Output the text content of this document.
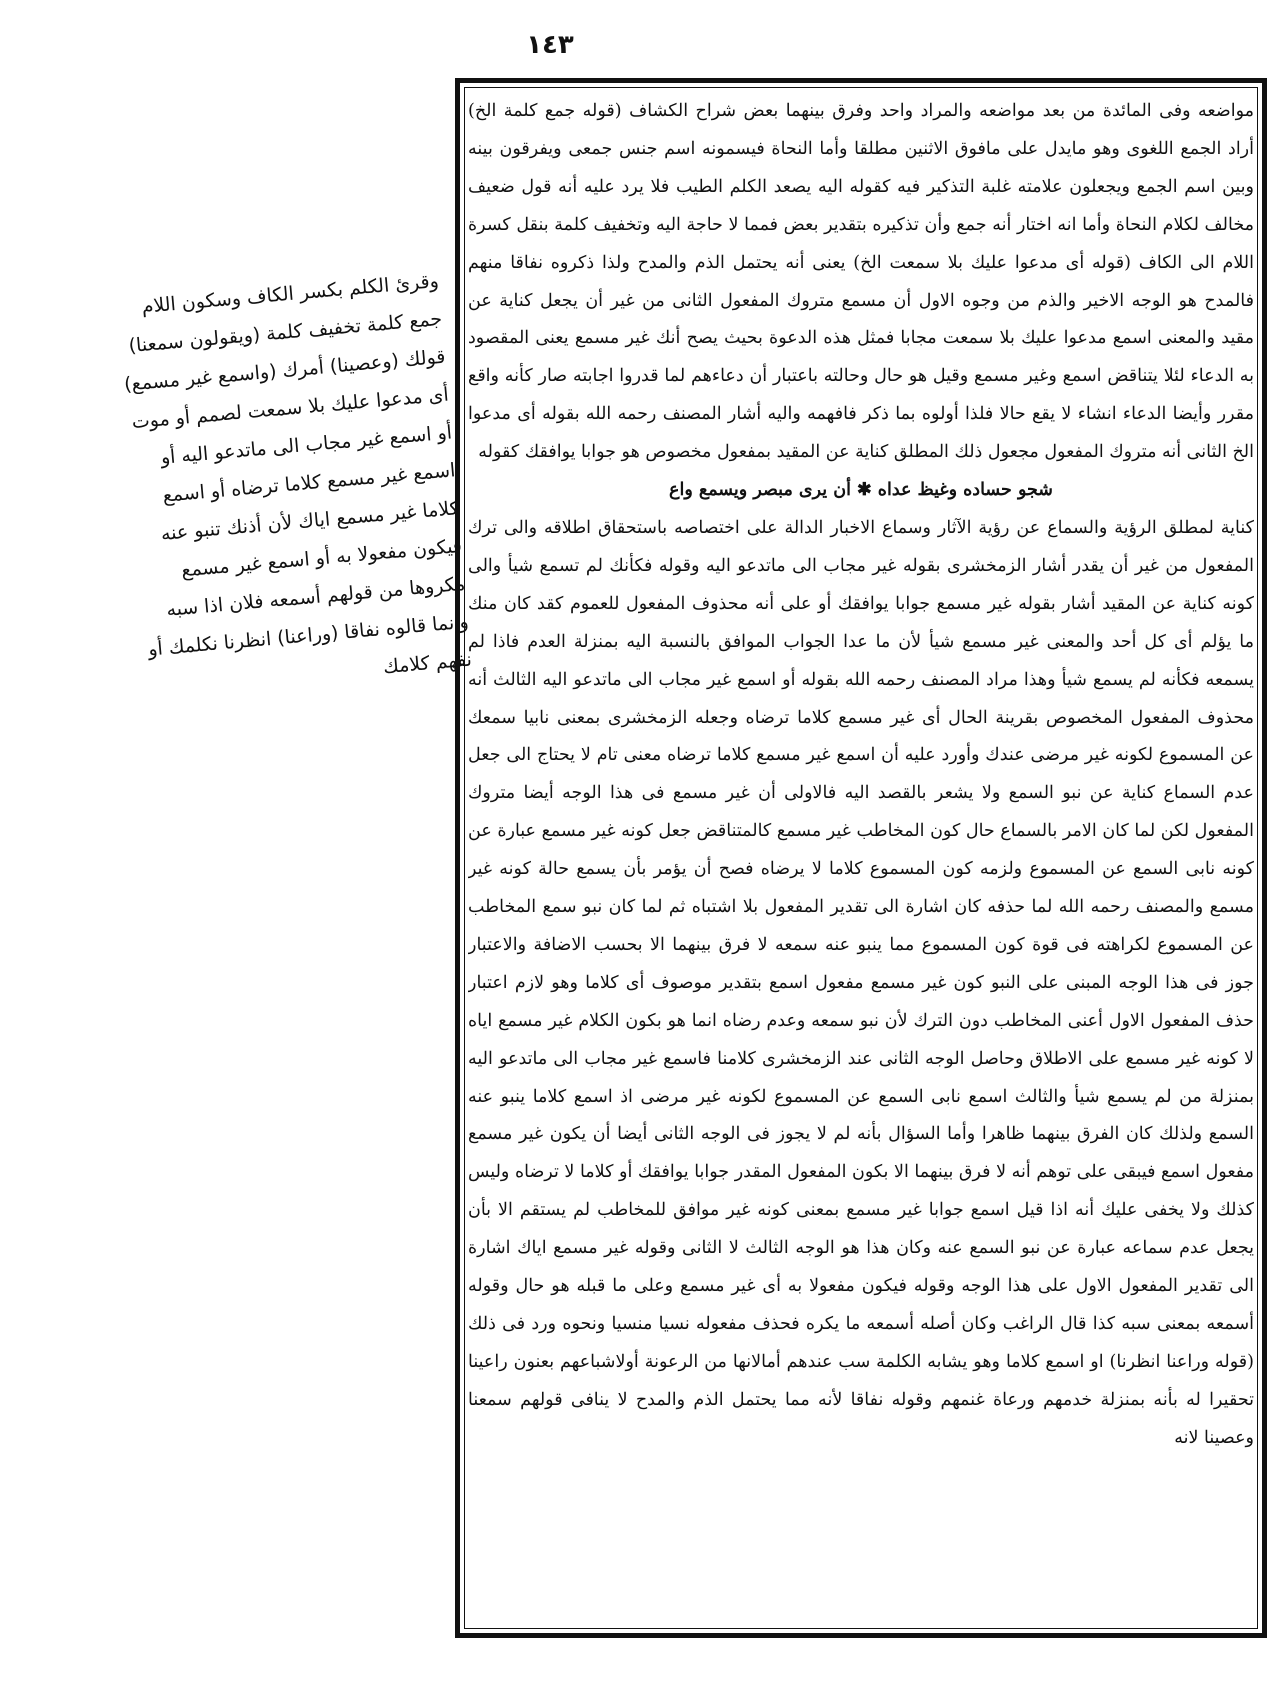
١٤٣
وقرئ الكلم بكسر الكاف وسكون اللام جمع كلمة تخفيف كلمة (ويقولون سمعنا) قولك (وعصينا) أمرك (واسمع غير مسمع) أى مدعوا عليك بلا سمعت لصمم أو موت أو اسمع غير مجاب الى ماتدعو اليه أو اسمع غير مسمع كلاما ترضاه أو اسمع كلاما غير مسمع اياك لأن أذنك تنبو عنه فيكون مفعولا به أو اسمع غير مسمع مكروها من قولهم أسمعه فلان اذا سبه وانما قالوه نفاقا (وراعنا) انظرنا نكلمك أو نفهم كلامك

مواضعه وفى المائدة من بعد مواضعه والمراد واحد وفرق بينهما بعض شراح الكشاف (قوله جمع كلمة الخ) أراد الجمع اللغوى وهو مايدل على مافوق الاثنين مطلقا وأما النحاة فيسمونه اسم جنس جمعى ويفرقون بينه وبين اسم الجمع ويجعلون علامته غلبة التذكير فيه كقوله اليه يصعد الكلم الطيب فلا يرد عليه أنه قول ضعيف مخالف لكلام النحاة وأما انه اختار أنه جمع وأن تذكيره بتقدير بعض فمما لا حاجة اليه وتخفيف كلمة بنقل كسرة اللام الى الكاف (قوله أى مدعوا عليك بلا سمعت الخ) يعنى أنه يحتمل الذم والمدح ولذا ذكروه نفاقا منهم فالمدح هو الوجه الاخير والذم من وجوه الاول أن مسمع متروك المفعول الثانى من غير أن يجعل كناية عن مقيد والمعنى اسمع مدعوا عليك بلا سمعت مجابا فمثل هذه الدعوة بحيث يصح أنك غير مسمع يعنى المقصود به الدعاء لئلا يتناقض اسمع وغير مسمع وقيل هو حال وحالته باعتبار أن دعاءهم لما قدروا اجابته صار كأنه واقع مقرر وأيضا الدعاء انشاء لا يقع حالا فلذا أولوه بما ذكر فافهمه واليه أشار المصنف رحمه الله بقوله أى مدعوا الخ الثانى أنه متروك المفعول مجعول ذلك المطلق كناية عن المقيد بمفعول مخصوص هو جوابا يوافقك كقوله

شجو حساده وغيظ عداه ✱ أن يرى مبصر ويسمع واع

كناية لمطلق الرؤية والسماع عن رؤية الآثار وسماع الاخبار الدالة على اختصاصه باستحقاق اطلاقه والى ترك المفعول من غير أن يقدر أشار الزمخشرى بقوله غير مجاب الى ماتدعو اليه وقوله فكأنك لم تسمع شيأ والى كونه كناية عن المقيد أشار بقوله غير مسمع جوابا يوافقك أو على أنه محذوف المفعول للعموم كقد كان منك ما يؤلم أى كل أحد والمعنى غير مسمع شيأ لأن ما عدا الجواب الموافق بالنسبة اليه بمنزلة العدم فاذا لم يسمعه فكأنه لم يسمع شيأ وهذا مراد المصنف رحمه الله بقوله أو اسمع غير مجاب الى ماتدعو اليه الثالث أنه محذوف المفعول المخصوص بقرينة الحال أى غير مسمع كلاما ترضاه وجعله الزمخشرى بمعنى نابيا سمعك عن المسموع لكونه غير مرضى عندك وأورد عليه أن اسمع غير مسمع كلاما ترضاه معنى تام لا يحتاج الى جعل عدم السماع كناية عن نبو السمع ولا يشعر بالقصد اليه فالاولى أن غير مسمع فى هذا الوجه أيضا متروك المفعول لكن لما كان الامر بالسماع حال كون المخاطب غير مسمع كالمتناقض جعل كونه غير مسمع عبارة عن كونه نابى السمع عن المسموع ولزمه كون المسموع كلاما لا يرضاه فصح أن يؤمر بأن يسمع حالة كونه غير مسمع والمصنف رحمه الله لما حذفه كان اشارة الى تقدير المفعول بلا اشتباه ثم لما كان نبو سمع المخاطب عن المسموع لكراهته فى قوة كون المسموع مما ينبو عنه سمعه لا فرق بينهما الا بحسب الاضافة والاعتبار جوز فى هذا الوجه المبنى على النبو كون غير مسمع مفعول اسمع بتقدير موصوف أى كلاما وهو لازم اعتبار حذف المفعول الاول أعنى المخاطب دون الترك لأن نبو سمعه وعدم رضاه انما هو بكون الكلام غير مسمع اياه لا كونه غير مسمع على الاطلاق وحاصل الوجه الثانى عند الزمخشرى كلامنا فاسمع غير مجاب الى ماتدعو اليه بمنزلة من لم يسمع شيأ والثالث اسمع نابى السمع عن المسموع لكونه غير مرضى اذ اسمع كلاما ينبو عنه السمع ولذلك كان الفرق بينهما ظاهرا وأما السؤال بأنه لم لا يجوز فى الوجه الثانى أيضا أن يكون غير مسمع مفعول اسمع فيبقى على توهم أنه لا فرق بينهما الا بكون المفعول المقدر جوابا يوافقك أو كلاما لا ترضاه وليس كذلك ولا يخفى عليك أنه اذا قيل اسمع جوابا غير مسمع بمعنى كونه غير موافق للمخاطب لم يستقم الا بأن يجعل عدم سماعه عبارة عن نبو السمع عنه وكان هذا هو الوجه الثالث لا الثانى وقوله غير مسمع اياك اشارة الى تقدير المفعول الاول على هذا الوجه وقوله فيكون مفعولا به أى غير مسمع وعلى ما قبله هو حال وقوله أسمعه بمعنى سبه كذا قال الراغب وكان أصله أسمعه ما يكره فحذف مفعوله نسيا منسيا ونحوه ورد فى ذلك (قوله وراعنا انظرنا) او اسمع كلاما وهو يشابه الكلمة سب عندهم أمالانها من الرعونة أولاشباعهم بعنون راعينا تحقيرا له بأنه بمنزلة خدمهم ورعاة غنمهم وقوله نفاقا لأنه مما يحتمل الذم والمدح لا ينافى قولهم سمعنا وعصينا لانه
